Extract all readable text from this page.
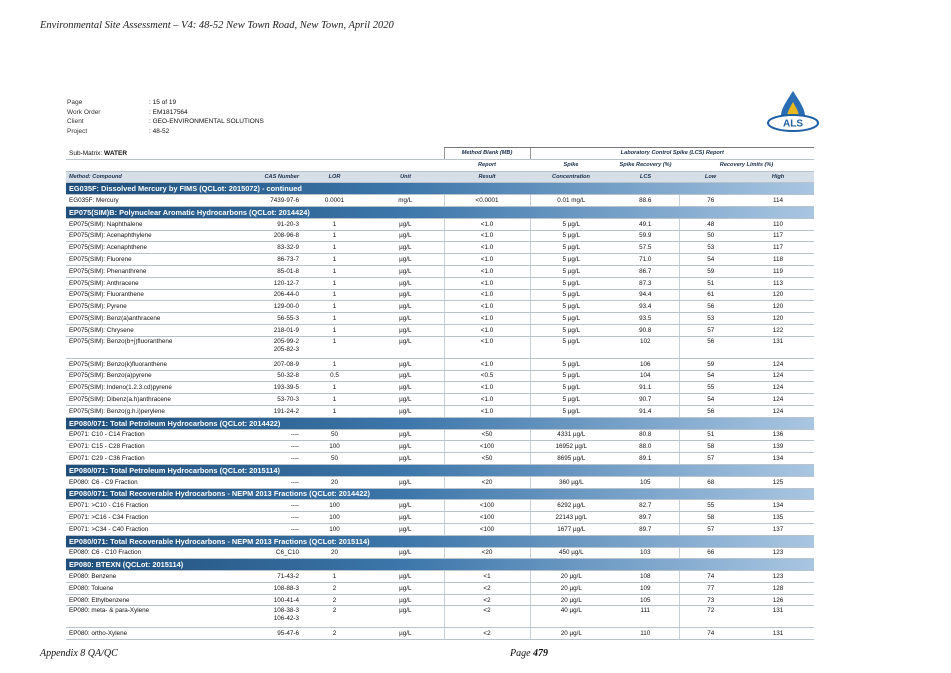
Environmental Site Assessment – V4: 48-52 New Town Road, New Town, April 2020
Page	: 15 of 19
Work Order	: EM1817564
Client	: GEO-ENVIRONMENTAL SOLUTIONS
Project	: 48-52
ALS
Sub-Matrix: WATER				Method Blank (MB)	Laboratory Control Spike (LCS) Report			
				Report	Spike	Spike Recovery (%)	Recovery Limits (%)	
Method: Compound	CAS Number	LOR	Unit	Result	Concentration	LCS	Low	High
EG035F: Dissolved Mercury by FIMS (QCLot: 2015072) - continued								
EG035F: Mercury	7439-97-6	0.0001	mg/L	<0.0001	0.01 mg/L	88.6	76	114
EP075(SIM)B: Polynuclear Aromatic Hydrocarbons (QCLot: 2014424)								
EP075(SIM): Naphthalene	91-20-3	1	µg/L	<1.0	5 µg/L	49.1	48	110
EP075(SIM): Acenaphthylene	208-96-8	1	µg/L	<1.0	5 µg/L	59.9	50	117
EP075(SIM): Acenaphthene	83-32-9	1	µg/L	<1.0	5 µg/L	57.5	53	117
EP075(SIM): Fluorene	86-73-7	1	µg/L	<1.0	5 µg/L	71.0	54	118
EP075(SIM): Phenanthrene	85-01-8	1	µg/L	<1.0	5 µg/L	86.7	59	119
EP075(SIM): Anthracene	120-12-7	1	µg/L	<1.0	5 µg/L	87.3	51	113
EP075(SIM): Fluoranthene	206-44-0	1	µg/L	<1.0	5 µg/L	94.4	61	120
EP075(SIM): Pyrene	129-00-0	1	µg/L	<1.0	5 µg/L	93.4	56	120
EP075(SIM): Benz(a)anthracene	56-55-3	1	µg/L	<1.0	5 µg/L	93.5	53	120
EP075(SIM): Chrysene	218-01-9	1	µg/L	<1.0	5 µg/L	90.8	57	122
EP075(SIM): Benzo(b+j)fluoranthene	205-99-2
205-82-3	1	µg/L	<1.0	5 µg/L	102	56	131
EP075(SIM): Benzo(k)fluoranthene	207-08-9	1	µg/L	<1.0	5 µg/L	106	59	124
EP075(SIM): Benzo(a)pyrene	50-32-8	0.5	µg/L	<0.5	5 µg/L	104	54	124
EP075(SIM): Indeno(1.2.3.cd)pyrene	193-39-5	1	µg/L	<1.0	5 µg/L	91.1	55	124
EP075(SIM): Dibenz(a.h)anthracene	53-70-3	1	µg/L	<1.0	5 µg/L	90.7	54	124
EP075(SIM): Benzo(g.h.i)perylene	191-24-2	1	µg/L	<1.0	5 µg/L	91.4	56	124
EP080/071: Total Petroleum Hydrocarbons (QCLot: 2014422)								
EP071: C10 - C14 Fraction	----	50	µg/L	<50	4331 µg/L	80.8	51	136
EP071: C15 - C28 Fraction	----	100	µg/L	<100	16952 µg/L	88.0	58	139
EP071: C29 - C36 Fraction	----	50	µg/L	<50	8695 µg/L	89.1	57	134
EP080/071: Total Petroleum Hydrocarbons (QCLot: 2015114)								
EP080: C6 - C9 Fraction	----	20	µg/L	<20	360 µg/L	105	68	125
EP080/071: Total Recoverable Hydrocarbons - NEPM 2013 Fractions (QCLot: 2014422)								
EP071: >C10 - C16 Fraction	----	100	µg/L	<100	6292 µg/L	82.7	55	134
EP071: >C16 - C34 Fraction	----	100	µg/L	<100	22143 µg/L	89.7	58	135
EP071: >C34 - C40 Fraction	----	100	µg/L	<100	1677 µg/L	89.7	57	137
EP080/071: Total Recoverable Hydrocarbons - NEPM 2013 Fractions (QCLot: 2015114)								
EP080: C6 - C10 Fraction	C6_C10	20	µg/L	<20	450 µg/L	103	66	123
EP080: BTEXN (QCLot: 2015114)								
EP080: Benzene	71-43-2	1	µg/L	<1	20 µg/L	108	74	123
EP080: Toluene	108-88-3	2	µg/L	<2	20 µg/L	109	77	128
EP080: Ethylbenzene	100-41-4	2	µg/L	<2	20 µg/L	105	73	126
EP080: meta- & para-Xylene	108-38-3
106-42-3	2	µg/L	<2	40 µg/L	111	72	131
EP080: ortho-Xylene	95-47-6	2	µg/L	<2	20 µg/L	110	74	131
Appendix 8 QA/QC	Page 479
